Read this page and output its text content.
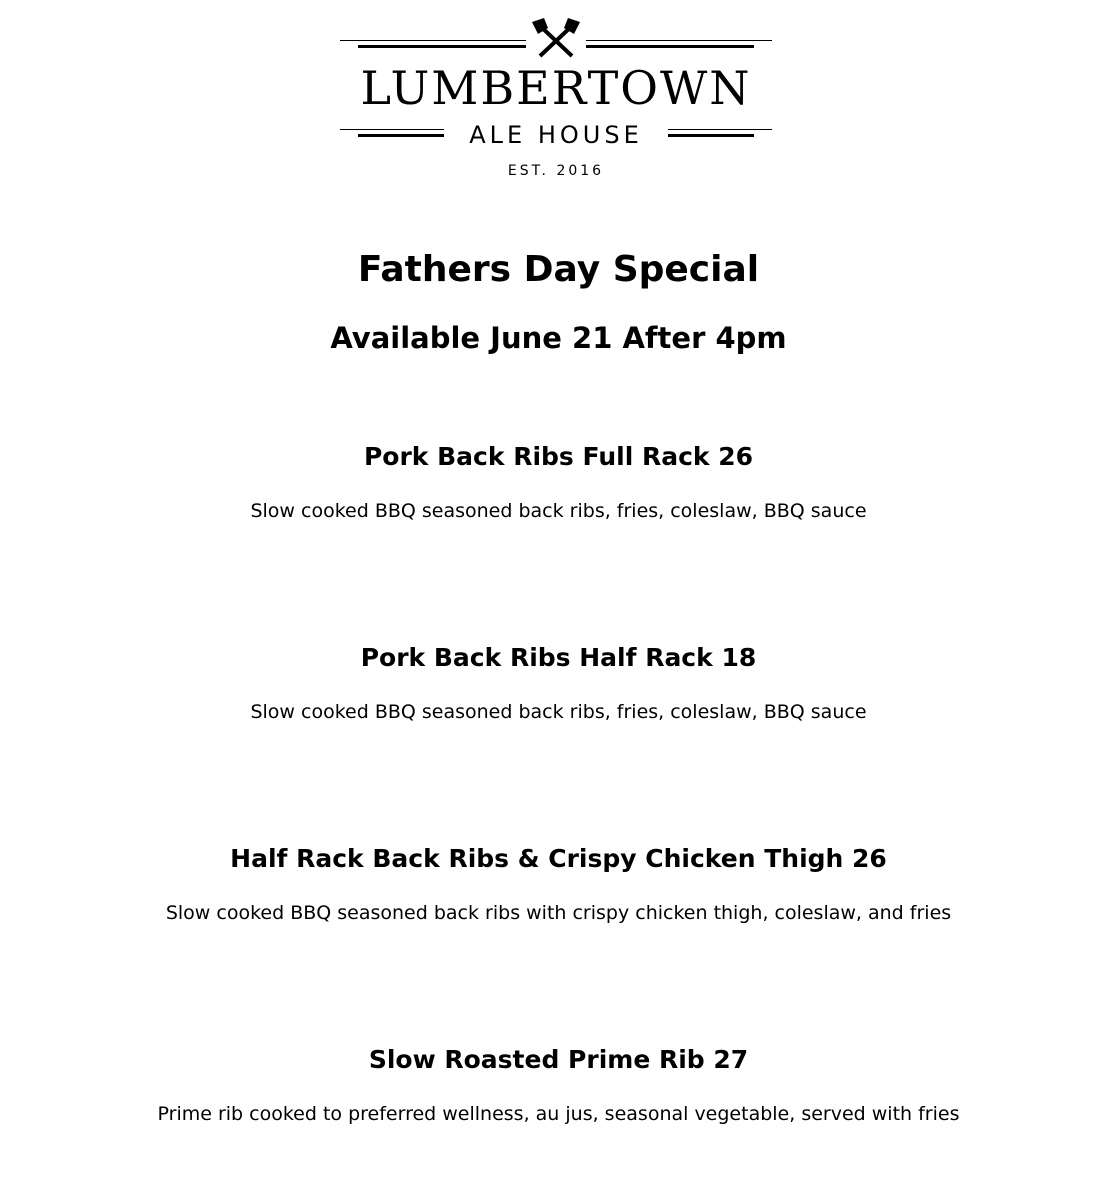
LUMBERTOWN
ALE HOUSE
EST. 2016
Fathers Day Special
Available June 21 After 4pm
Pork Back Ribs Full Rack 26
Slow cooked BBQ seasoned back ribs, fries, coleslaw, BBQ sauce
Pork Back Ribs Half Rack 18
Slow cooked BBQ seasoned back ribs, fries, coleslaw, BBQ sauce
Half Rack Back Ribs & Crispy Chicken Thigh 26
Slow cooked BBQ seasoned back ribs with crispy chicken thigh, coleslaw, and fries
Slow Roasted Prime Rib 27
Prime rib cooked to preferred wellness, au jus, seasonal vegetable, served with fries
